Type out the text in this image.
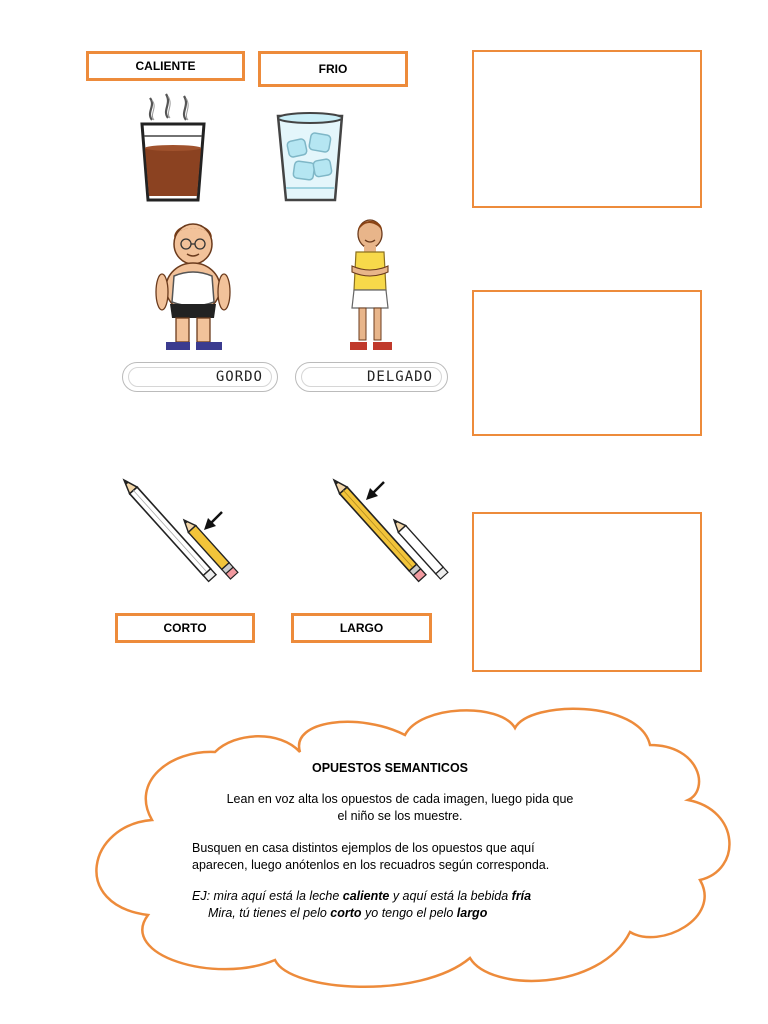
CALIENTE	FRIO
GORDO	DELGADO
CORTO	LARGO
OPUESTOS SEMANTICOS
Lean en voz alta los opuestos de cada imagen, luego pida que
el niño se los muestre.
Busquen en casa distintos ejemplos de los opuestos que aquí
aparecen, luego anótenlos en los recuadros según corresponda.
EJ: mira aquí está la leche caliente y aquí está la bebida fría
Mira, tú tienes el pelo corto yo tengo el pelo largo
